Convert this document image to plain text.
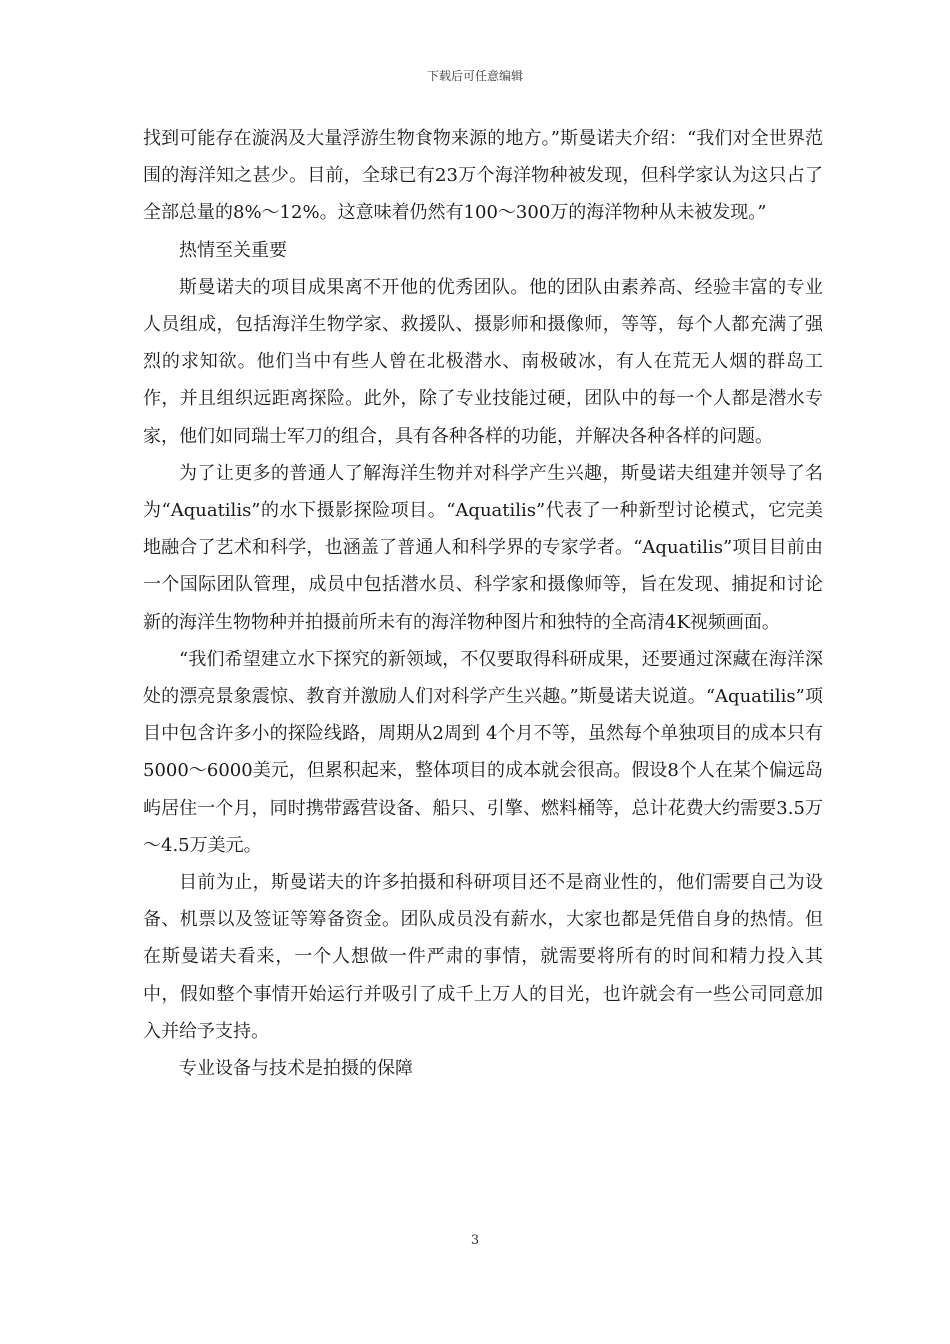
下载后可任意编辑

找到可能存在漩涡及大量浮游生物食物来源的地方。”斯曼诺夫介绍：“我们对全世界范围的海洋知之甚少。目前，全球已有23万个海洋物种被发现，但科学家认为这只占了全部总量的8%～12%。这意味着仍然有100～300万的海洋物种从未被发现。”

热情至关重要

斯曼诺夫的项目成果离不开他的优秀团队。他的团队由素养高、经验丰富的专业人员组成，包括海洋生物学家、救援队、摄影师和摄像师，等等，每个人都充满了强烈的求知欲。他们当中有些人曾在北极潜水、南极破冰，有人在荒无人烟的群岛工作，并且组织远距离探险。此外，除了专业技能过硬，团队中的每一个人都是潜水专家，他们如同瑞士军刀的组合，具有各种各样的功能，并解决各种各样的问题。

为了让更多的普通人了解海洋生物并对科学产生兴趣，斯曼诺夫组建并领导了名为“Aquatilis”的水下摄影探险项目。“Aquatilis”代表了一种新型讨论模式，它完美地融合了艺术和科学，也涵盖了普通人和科学界的专家学者。“Aquatilis”项目目前由一个国际团队管理，成员中包括潜水员、科学家和摄像师等，旨在发现、捕捉和讨论新的海洋生物物种并拍摄前所未有的海洋物种图片和独特的全高清4K视频画面。

“我们希望建立水下探究的新领域，不仅要取得科研成果，还要通过深藏在海洋深处的漂亮景象震惊、教育并激励人们对科学产生兴趣。”斯曼诺夫说道。“Aquatilis”项目中包含许多小的探险线路，周期从2周到 4个月不等，虽然每个单独项目的成本只有5000～6000美元，但累积起来，整体项目的成本就会很高。假设8个人在某个偏远岛屿居住一个月，同时携带露营设备、船只、引擎、燃料桶等，总计花费大约需要3.5万～4.5万美元。

目前为止，斯曼诺夫的许多拍摄和科研项目还不是商业性的，他们需要自己为设备、机票以及签证等筹备资金。团队成员没有薪水，大家也都是凭借自身的热情。但在斯曼诺夫看来，一个人想做一件严肃的事情，就需要将所有的时间和精力投入其中，假如整个事情开始运行并吸引了成千上万人的目光，也许就会有一些公司同意加入并给予支持。

专业设备与技术是拍摄的保障

3
